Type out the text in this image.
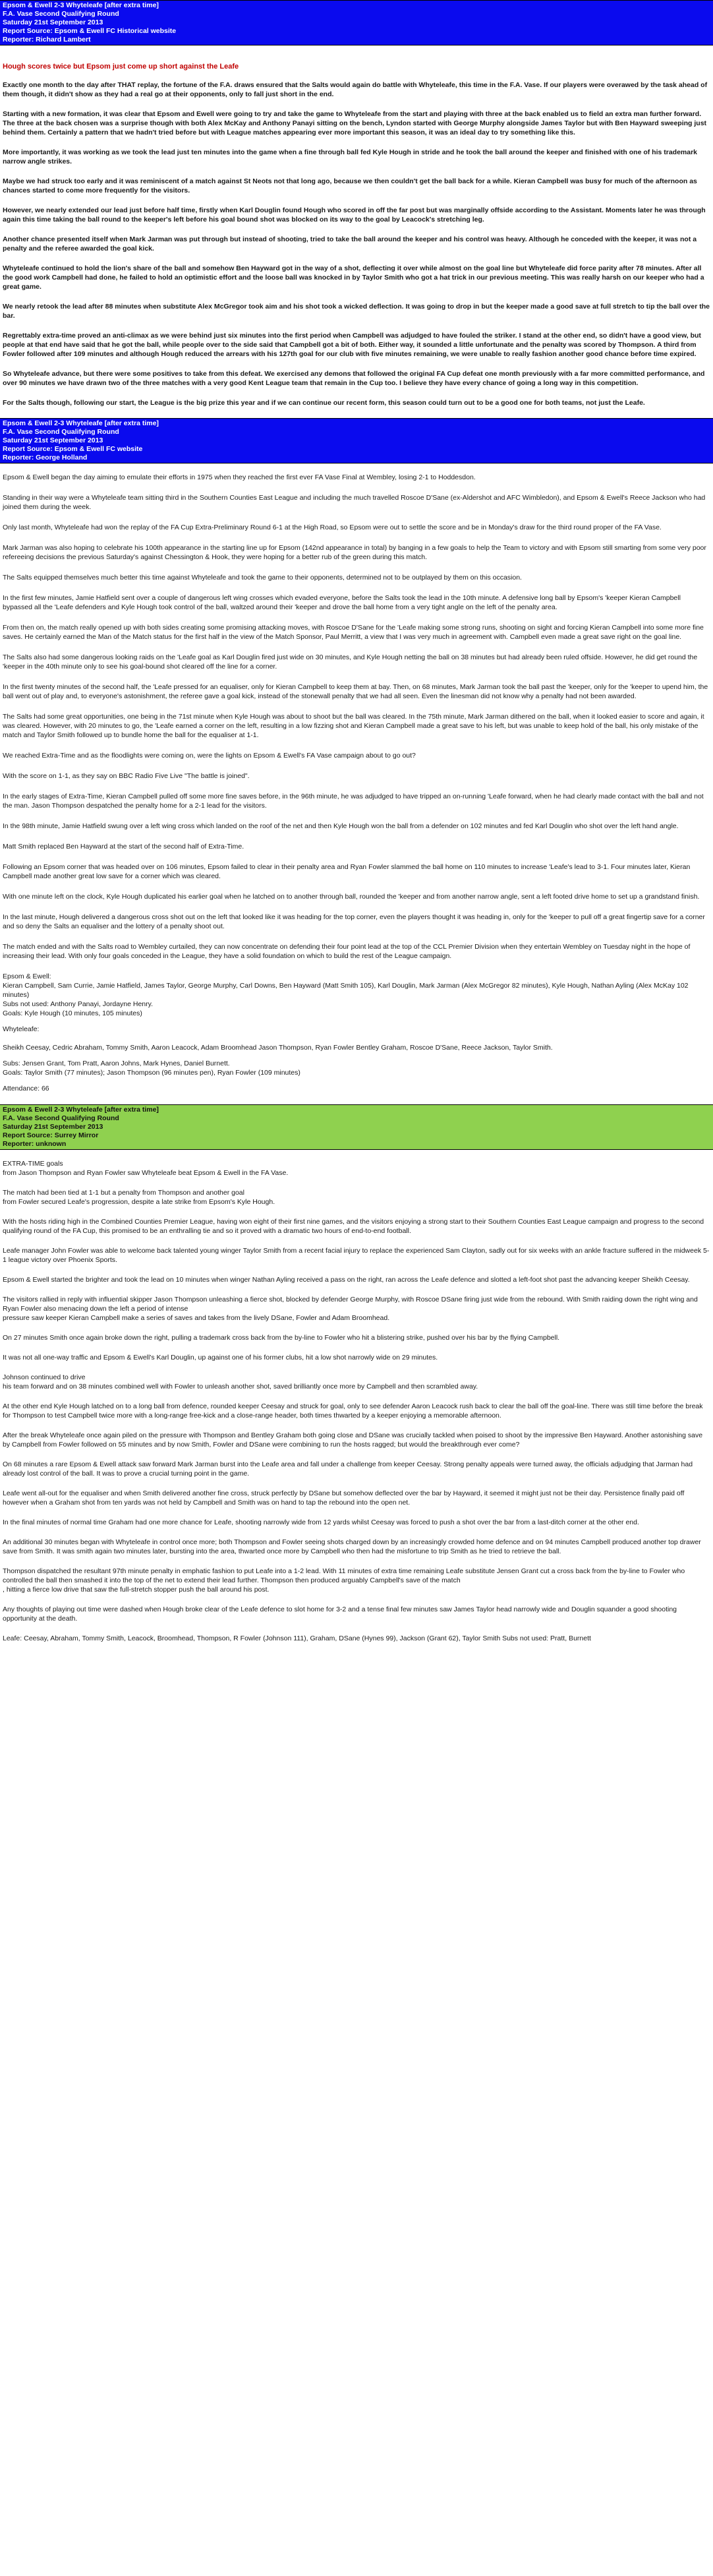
Epsom & Ewell 2-3 Whyteleafe [after extra time]
F.A. Vase Second Qualifying Round
Saturday 21st September 2013
Report Source: Epsom & Ewell FC Historical website
Reporter: Richard Lambert

Hough scores twice but Epsom just come up short against the Leafe

Exactly one month to the day after THAT replay, the fortune of the F.A. draws ensured that the Salts would again do battle with Whyteleafe, this time in the F.A. Vase. If our players were overawed by the task ahead of them though, it didn't show as they had a real go at their opponents, only to fall just short in the end.

Starting with a new formation, it was clear that Epsom and Ewell were going to try and take the game to Whyteleafe from the start and playing with three at the back enabled us to field an extra man further forward. The three at the back chosen was a surprise though with both Alex McKay and Anthony Panayi sitting on the bench, Lyndon started with George Murphy alongside James Taylor but with Ben Hayward sweeping just behind them. Certainly a pattern that we hadn't tried before but with League matches appearing ever more important this season, it was an ideal day to try something like this.

More importantly, it was working as we took the lead just ten minutes into the game when a fine through ball fed Kyle Hough in stride and he took the ball around the keeper and finished with one of his trademark narrow angle strikes.

Maybe we had struck too early and it was reminiscent of a match against St Neots not that long ago, because we then couldn't get the ball back for a while. Kieran Campbell was busy for much of the afternoon as chances started to come more frequently for the visitors.

However, we nearly extended our lead just before half time, firstly when Karl Douglin found Hough who scored in off the far post but was marginally offside according to the Assistant. Moments later he was through again this time taking the ball round to the keeper's left before his goal bound shot was blocked on its way to the goal by Leacock's stretching leg.

Another chance presented itself when Mark Jarman was put through but instead of shooting, tried to take the ball around the keeper and his control was heavy. Although he conceded with the keeper, it was not a penalty and the referee awarded the goal kick.

Whyteleafe continued to hold the lion's share of the ball and somehow Ben Hayward got in the way of a shot, deflecting it over while almost on the goal line but Whyteleafe did force parity after 78 minutes. After all the good work Campbell had done, he failed to hold an optimistic effort and the loose ball was knocked in by Taylor Smith who got a hat trick in our previous meeting. This was really harsh on our keeper who had a great game.

We nearly retook the lead after 88 minutes when substitute Alex McGregor took aim and his shot took a wicked deflection. It was going to drop in but the keeper made a good save at full stretch to tip the ball over the bar.

Regrettably extra-time proved an anti-climax as we were behind just six minutes into the first period when Campbell was adjudged to have fouled the striker. I stand at the other end, so didn't have a good view, but people at that end have said that he got the ball, while people over to the side said that Campbell got a bit of both. Either way, it sounded a little unfortunate and the penalty was scored by Thompson. A third from Fowler followed after 109 minutes and although Hough reduced the arrears with his 127th goal for our club with five minutes remaining, we were unable to really fashion another good chance before time expired.

So Whyteleafe advance, but there were some positives to take from this defeat. We exercised any demons that followed the original FA Cup defeat one month previously with a far more committed performance, and over 90 minutes we have drawn two of the three matches with a very good Kent League team that remain in the Cup too. I believe they have every chance of going a long way in this competition.

For the Salts though, following our start, the League is the big prize this year and if we can continue our recent form, this season could turn out to be a good one for both teams, not just the Leafe.

Epsom & Ewell 2-3 Whyteleafe [after extra time]
F.A. Vase Second Qualifying Round
Saturday 21st September 2013
Report Source: Epsom & Ewell FC website
Reporter: George Holland

Epsom & Ewell began the day aiming to emulate their efforts in 1975 when they reached the first ever FA Vase Final at Wembley, losing 2-1 to Hoddesdon.

Standing in their way were a Whyteleafe team sitting third in the Southern Counties East League and including the much travelled Roscoe D'Sane (ex-Aldershot and AFC Wimbledon), and Epsom & Ewell's Reece Jackson who had joined them during the week.

Only last month, Whyteleafe had won the replay of the FA Cup Extra-Preliminary Round 6-1 at the High Road, so Epsom were out to settle the score and be in Monday's draw for the third round proper of the FA Vase.

Mark Jarman was also hoping to celebrate his 100th appearance in the starting line up for Epsom (142nd appearance in total) by banging in a few goals to help the Team to victory and with Epsom still smarting from some very poor refereeing decisions the previous Saturday's against Chessington & Hook, they were hoping for a better rub of the green during this match.

The Salts equipped themselves much better this time against Whyteleafe and took the game to their opponents, determined not to be outplayed by them on this occasion.

In the first few minutes, Jamie Hatfield sent over a couple of dangerous left wing crosses which evaded everyone, before the Salts took the lead in the 10th minute. A defensive long ball by Epsom's 'keeper Kieran Campbell bypassed all the 'Leafe defenders and Kyle Hough took control of the ball, waltzed around their 'keeper and drove the ball home from a very tight angle on the left of the penalty area.

From then on, the match really opened up with both sides creating some promising attacking moves, with Roscoe D'Sane for the 'Leafe making some strong runs, shooting on sight and forcing Kieran Campbell into some more fine saves. He certainly earned the Man of the Match status for the first half in the view of the Match Sponsor, Paul Merritt, a view that I was very much in agreement with. Campbell even made a great save right on the goal line.

The Salts also had some dangerous looking raids on the 'Leafe goal as Karl Douglin fired just wide on 30 minutes, and Kyle Hough netting the ball on 38 minutes but had already been ruled offside. However, he did get round the 'keeper in the 40th minute only to see his goal-bound shot cleared off the line for a corner.

In the first twenty minutes of the second half, the 'Leafe pressed for an equaliser, only for Kieran Campbell to keep them at bay. Then, on 68 minutes, Mark Jarman took the ball past the 'keeper, only for the 'keeper to upend him, the ball went out of play and, to everyone's astonishment, the referee gave a goal kick, instead of the stonewall penalty that we had all seen. Even the linesman did not know why a penalty had not been awarded.

The Salts had some great opportunities, one being in the 71st minute when Kyle Hough was about to shoot but the ball was cleared. In the 75th minute, Mark Jarman dithered on the ball, when it looked easier to score and again, it was cleared. However, with 20 minutes to go, the 'Leafe earned a corner on the left, resulting in a low fizzing shot and Kieran Campbell made a great save to his left, but was unable to keep hold of the ball, his only mistake of the match and Taylor Smith followed up to bundle home the ball for the equaliser at 1-1.

We reached Extra-Time and as the floodlights were coming on, were the lights on Epsom & Ewell's FA Vase campaign about to go out?

With the score on 1-1, as they say on BBC Radio Five Live "The battle is joined".

In the early stages of Extra-Time, Kieran Campbell pulled off some more fine saves before, in the 96th minute, he was adjudged to have tripped an on-running 'Leafe forward, when he had clearly made contact with the ball and not the man. Jason Thompson despatched the penalty home for a 2-1 lead for the visitors.

In the 98th minute, Jamie Hatfield swung over a left wing cross which landed on the roof of the net and then Kyle Hough won the ball from a defender on 102 minutes and fed Karl Douglin who shot over the left hand angle.

Matt Smith replaced Ben Hayward at the start of the second half of Extra-Time.

Following an Epsom corner that was headed over on 106 minutes, Epsom failed to clear in their penalty area and Ryan Fowler slammed the ball home on 110 minutes to increase 'Leafe's lead to 3-1. Four minutes later, Kieran Campbell made another great low save for a corner which was cleared.

With one minute left on the clock, Kyle Hough duplicated his earlier goal when he latched on to another through ball, rounded the 'keeper and from another narrow angle, sent a left footed drive home to set up a grandstand finish.

In the last minute, Hough delivered a dangerous cross shot out on the left that looked like it was heading for the top corner, even the players thought it was heading in, only for the 'keeper to pull off a great fingertip save for a corner and so deny the Salts an equaliser and the lottery of a penalty shoot out.

The match ended and with the Salts road to Wembley curtailed, they can now concentrate on defending their four point lead at the top of the CCL Premier Division when they entertain Wembley on Tuesday night in the hope of increasing their lead. With only four goals conceded in the League, they have a solid foundation on which to build the rest of the League campaign.

Epsom & Ewell:

Kieran Campbell, Sam Currie, Jamie Hatfield, James Taylor, George Murphy, Carl Downs, Ben Hayward (Matt Smith 105), Karl Douglin, Mark Jarman (Alex McGregor 82 minutes), Kyle Hough, Nathan Ayling (Alex McKay 102 minutes)

Subs not used: Anthony Panayi, Jordayne Henry.

Goals: Kyle Hough (10 minutes, 105 minutes)

Whyteleafe:

Sheikh Ceesay, Cedric Abraham, Tommy Smith, Aaron Leacock, Adam Broomhead Jason Thompson, Ryan Fowler Bentley Graham, Roscoe D'Sane, Reece Jackson, Taylor Smith.

Subs: Jensen Grant, Tom Pratt, Aaron Johns, Mark Hynes, Daniel Burnett.

Goals: Taylor Smith (77 minutes); Jason Thompson (96 minutes pen), Ryan Fowler (109 minutes)

Attendance: 66

Epsom & Ewell 2-3 Whyteleafe [after extra time]
F.A. Vase Second Qualifying Round
Saturday 21st September 2013
Report Source: Surrey Mirror
Reporter: unknown

EXTRA-TIME goals

from Jason Thompson and Ryan Fowler saw Whyteleafe beat Epsom & Ewell in the FA Vase.

The match had been tied at 1-1 but a penalty from Thompson and another goal

from Fowler secured Leafe's progression, despite a late strike from Epsom's Kyle Hough.

With the hosts riding high in the Combined Counties Premier League, having won eight of their first nine games, and the visitors enjoying a strong start to their Southern Counties East League campaign and progress to the second qualifying round of the FA Cup, this promised to be an enthralling tie and so it proved with a dramatic two hours of end-to-end football.

Leafe manager John Fowler was able to welcome back talented young winger Taylor Smith from a recent facial injury to replace the experienced Sam Clayton, sadly out for six weeks with an ankle fracture suffered in the midweek 5-1 league victory over Phoenix Sports.

Epsom & Ewell started the brighter and took the lead on 10 minutes when winger Nathan Ayling received a pass on the right, ran across the Leafe defence and slotted a left-foot shot past the advancing keeper Sheikh Ceesay.

The visitors rallied in reply with influential skipper Jason Thompson unleashing a fierce shot, blocked by defender George Murphy, with Roscoe DSane firing just wide from the rebound. With Smith raiding down the right wing and Ryan Fowler also menacing down the left a period of intense

pressure saw keeper Kieran Campbell make a series of saves and takes from the lively DSane, Fowler and Adam Broomhead.

On 27 minutes Smith once again broke down the right, pulling a trademark cross back from the by-line to Fowler who hit a blistering strike, pushed over his bar by the flying Campbell.

It was not all one-way traffic and Epsom & Ewell's Karl Douglin, up against one of his former clubs, hit a low shot narrowly wide on 29 minutes.

Johnson continued to drive

his team forward and on 38 minutes combined well with Fowler to unleash another shot, saved brilliantly once more by Campbell and then scrambled away.

At the other end Kyle Hough latched on to a long ball from defence, rounded keeper Ceesay and struck for goal, only to see defender Aaron Leacock rush back to clear the ball off the goal-line. There was still time before the break for Thompson to test Campbell twice more with a long-range free-kick and a close-range header, both times thwarted by a keeper enjoying a memorable afternoon.

After the break Whyteleafe once again piled on the pressure with Thompson and Bentley Graham both going close and DSane was crucially tackled when poised to shoot by the impressive Ben Hayward. Another astonishing save by Campbell from Fowler followed on 55 minutes and by now Smith, Fowler and DSane were combining to run the hosts ragged; but would the breakthrough ever come?

On 68 minutes a rare Epsom & Ewell attack saw forward Mark Jarman burst into the Leafe area and fall under a challenge from keeper Ceesay. Strong penalty appeals were turned away, the officials adjudging that Jarman had already lost control of the ball. It was to prove a crucial turning point in the game.

Leafe went all-out for the equaliser and when Smith delivered another fine cross, struck perfectly by DSane but somehow deflected over the bar by Hayward, it seemed it might just not be their day. Persistence finally paid off however when a Graham shot from ten yards was not held by Campbell and Smith was on hand to tap the rebound into the open net.

In the final minutes of normal time Graham had one more chance for Leafe, shooting narrowly wide from 12 yards whilst Ceesay was forced to push a shot over the bar from a last-ditch corner at the other end.

An additional 30 minutes began with Whyteleafe in control once more; both Thompson and Fowler seeing shots charged down by an increasingly crowded home defence and on 94 minutes Campbell produced another top drawer save from Smith. It was smith again two minutes later, bursting into the area, thwarted once more by Campbell who then had the misfortune to trip Smith as he tried to retrieve the ball.

Thompson dispatched the resultant 97th minute penalty in emphatic fashion to put Leafe into a 1-2 lead. With 11 minutes of extra time remaining Leafe substitute Jensen Grant cut a cross back from the by-line to Fowler who controlled the ball then smashed it into the top of the net to extend their lead further. Thompson then produced arguably Campbell's save of the match

, hitting a fierce low drive that saw the full-stretch stopper push the ball around his post.

Any thoughts of playing out time were dashed when Hough broke clear of the Leafe defence to slot home for 3-2 and a tense final few minutes saw James Taylor head narrowly wide and Douglin squander a good shooting opportunity at the death.

Leafe: Ceesay, Abraham, Tommy Smith, Leacock, Broomhead, Thompson, R Fowler (Johnson 111), Graham, DSane (Hynes 99), Jackson (Grant 62), Taylor Smith Subs not used: Pratt, Burnett
